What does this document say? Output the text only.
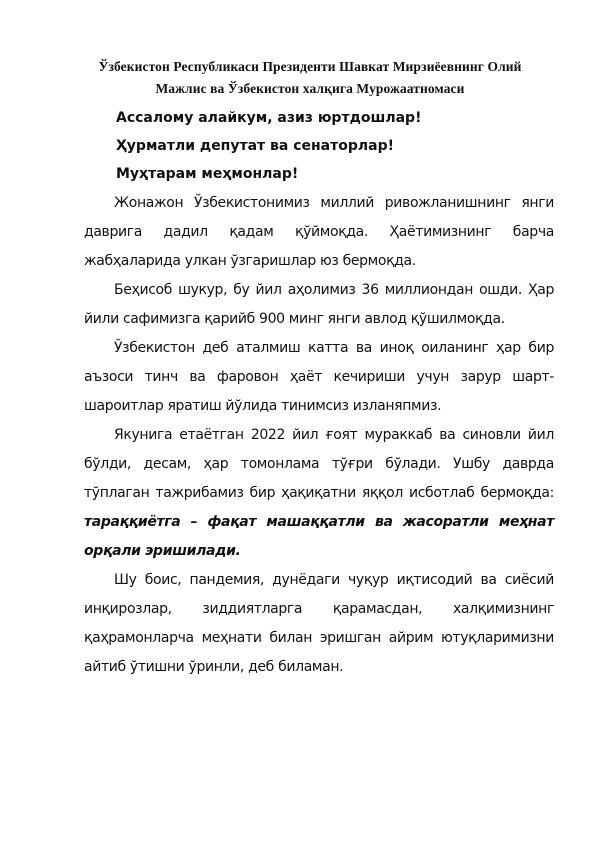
Ўзбекистон Республикаси Президенти Шавкат Мирзиёевнинг Олий
Мажлис ва Ўзбекистон халқига Мурожаатномаси
Ассалому алайкум, азиз юртдошлар!
Ҳурматли депутат ва сенаторлар!
Муҳтарам меҳмонлар!

Жонажон Ўзбекистонимиз миллий ривожланишнинг янги даврига дадил қадам қўймоқда. Ҳаётимизнинг барча жабҳаларида улкан ўзгаришлар юз бермоқда.

Беҳисоб шукур, бу йил аҳолимиз 36 миллиондан ошди. Ҳар йили сафимизга қарийб 900 минг янги авлод қўшилмоқда.

Ўзбекистон деб аталмиш катта ва иноқ оиланинг ҳар бир аъзоси тинч ва фаровон ҳаёт кечириши учун зарур шарт-шароитлар яратиш йўлида тинимсиз изланяпмиз.

Якунига етаётган 2022 йил ғоят мураккаб ва синовли йил бўлди, десам, ҳар томонлама тўғри бўлади. Ушбу даврда тўплаган тажрибамиз бир ҳақиқатни яққол исботлаб бермоқда: тараққиётга – фақат машаққатли ва жасоратли меҳнат орқали эришилади.

Шу боис, пандемия, дунёдаги чуқур иқтисодий ва сиёсий инқирозлар, зиддиятларга қарамасдан, халқимизнинг қаҳрамонларча меҳнати билан эришган айрим ютуқларимизни айтиб ўтишни ўринли, деб биламан.
